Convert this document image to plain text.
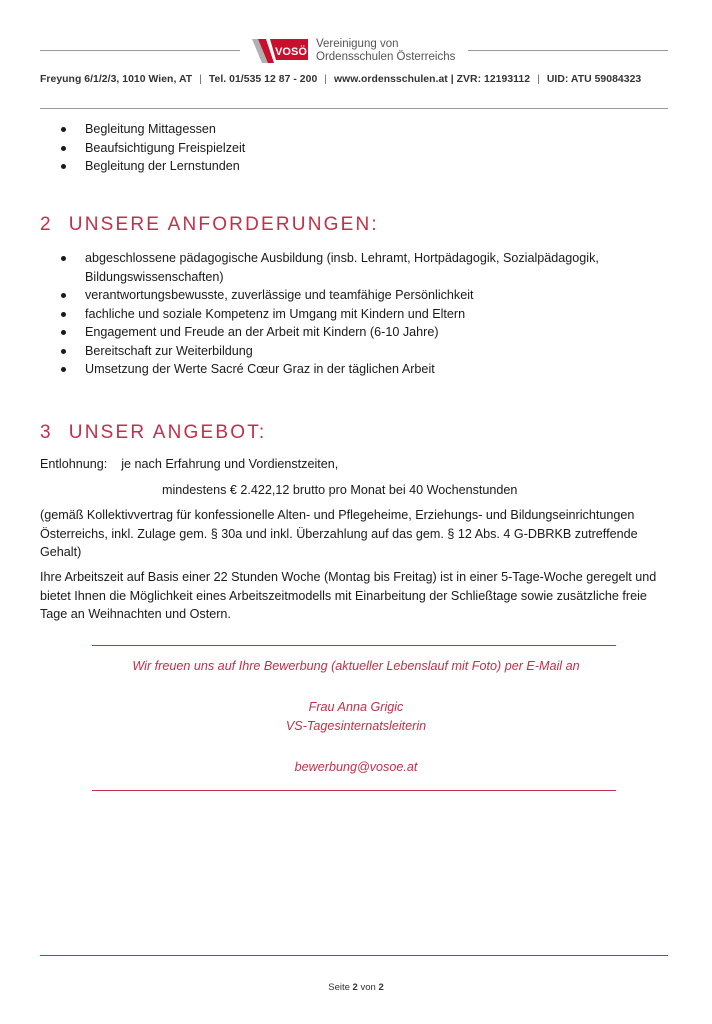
VOSÖ
Vereinigung von
Ordensschulen Österreichs
Freyung 6/1/2/3, 1010 Wien, AT | Tel. 01/535 12 87 - 200 | www.ordensschulen.at | ZVR: 12193112 | UID: ATU 59084323
Begleitung Mittagessen
Beaufsichtigung Freispielzeit
Begleitung der Lernstunden
2 UNSERE ANFORDERUNGEN:
abgeschlossene pädagogische Ausbildung (insb. Lehramt, Hortpädagogik, Sozialpädagogik, Bildungswissenschaften)
verantwortungsbewusste, zuverlässige und teamfähige Persönlichkeit
fachliche und soziale Kompetenz im Umgang mit Kindern und Eltern
Engagement und Freude an der Arbeit mit Kindern (6-10 Jahre)
Bereitschaft zur Weiterbildung
Umsetzung der Werte Sacré Cœur Graz in der täglichen Arbeit
3 UNSER ANGEBOT:
Entlohnung: je nach Erfahrung und Vordienstzeiten,
mindestens € 2.422,12 brutto pro Monat bei 40 Wochenstunden
(gemäß Kollektivvertrag für konfessionelle Alten- und Pflegeheime, Erziehungs- und Bildungseinrichtungen Österreichs, inkl. Zulage gem. § 30a und inkl. Überzahlung auf das gem. § 12 Abs. 4 G-DBRKB zutreffende Gehalt)
Ihre Arbeitszeit auf Basis einer 22 Stunden Woche (Montag bis Freitag) ist in einer 5-Tage-Woche geregelt und bietet Ihnen die Möglichkeit eines Arbeitszeitmodells mit Einarbeitung der Schließtage sowie zusätzliche freie Tage an Weihnachten und Ostern.
Wir freuen uns auf Ihre Bewerbung (aktueller Lebenslauf mit Foto) per E-Mail an
Frau Anna Grigic
VS-Tagesinternatsleiterin
bewerbung@vosoe.at
Seite 2 von 2
